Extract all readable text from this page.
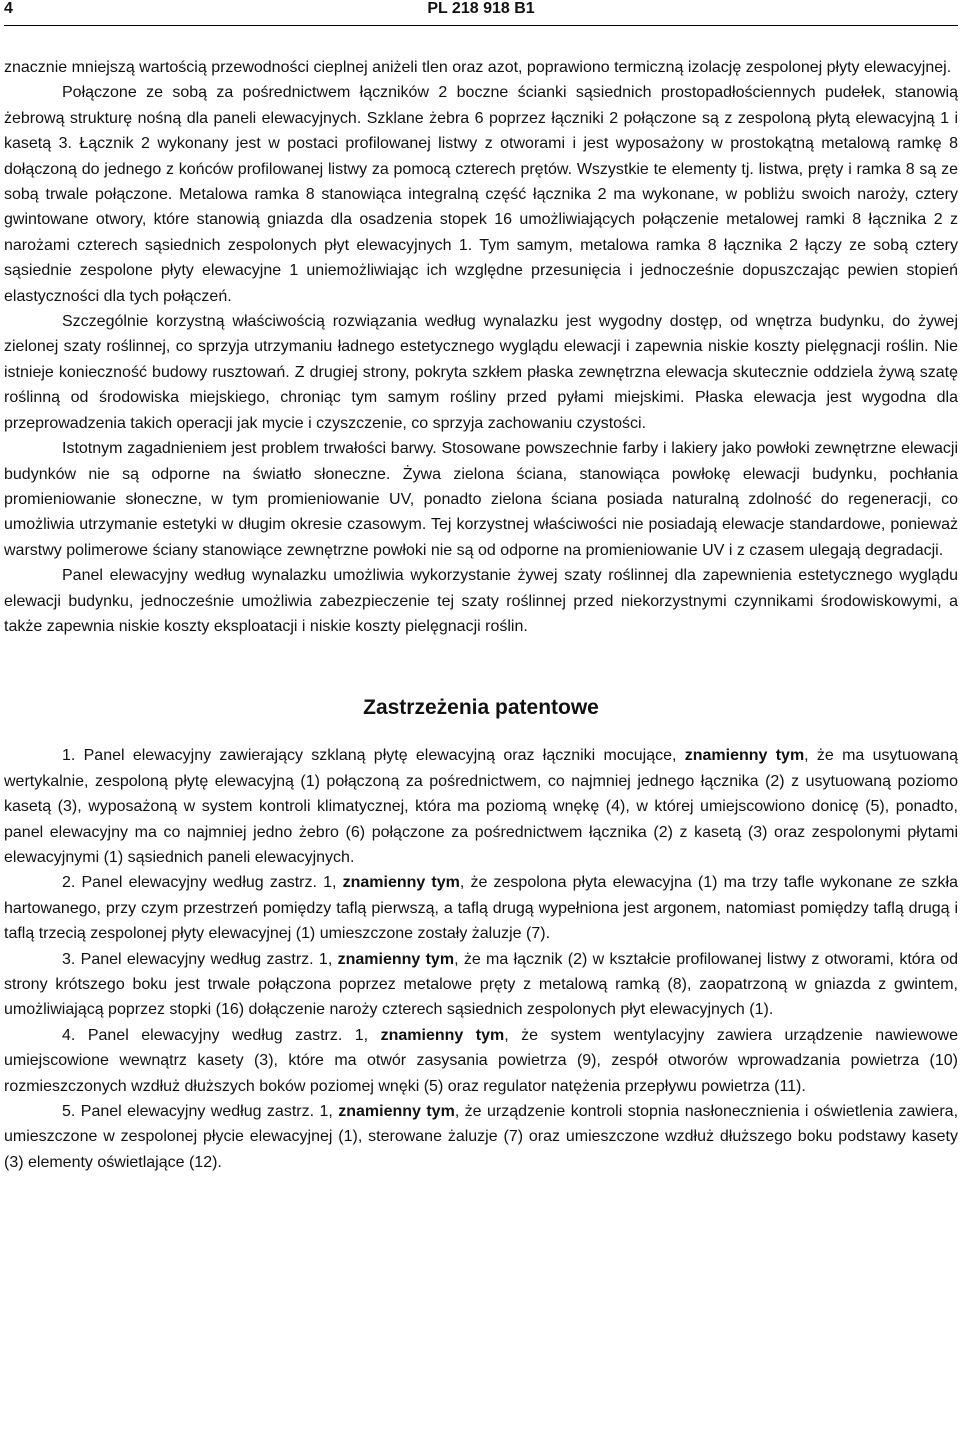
4	PL 218 918 B1

znacznie mniejszą wartością przewodności cieplnej aniżeli tlen oraz azot, poprawiono termiczną izolację zespolonej płyty elewacyjnej.

Połączone ze sobą za pośrednictwem łączników 2 boczne ścianki sąsiednich prostopadłościennych pudełek, stanowią żebrową strukturę nośną dla paneli elewacyjnych. Szklane żebra 6 poprzez łączniki 2 połączone są z zespoloną płytą elewacyjną 1 i kasetą 3. Łącznik 2 wykonany jest w postaci profilowanej listwy z otworami i jest wyposażony w prostokątną metalową ramkę 8 dołączoną do jednego z końców profilowanej listwy za pomocą czterech prętów. Wszystkie te elementy tj. listwa, pręty i ramka 8 są ze sobą trwale połączone. Metalowa ramka 8 stanowiąca integralną część łącznika 2 ma wykonane, w pobliżu swoich naroży, cztery gwintowane otwory, które stanowią gniazda dla osadzenia stopek 16 umożliwiających połączenie metalowej ramki 8 łącznika 2 z narożami czterech sąsiednich zespolonych płyt elewacyjnych 1. Tym samym, metalowa ramka 8 łącznika 2 łączy ze sobą cztery sąsiednie zespolone płyty elewacyjne 1 uniemożliwiając ich względne przesunięcia i jednocześnie dopuszczając pewien stopień elastyczności dla tych połączeń.

Szczególnie korzystną właściwością rozwiązania według wynalazku jest wygodny dostęp, od wnętrza budynku, do żywej zielonej szaty roślinnej, co sprzyja utrzymaniu ładnego estetycznego wyglądu elewacji i zapewnia niskie koszty pielęgnacji roślin. Nie istnieje konieczność budowy rusztowań. Z drugiej strony, pokryta szkłem płaska zewnętrzna elewacja skutecznie oddziela żywą szatę roślinną od środowiska miejskiego, chroniąc tym samym rośliny przed pyłami miejskimi. Płaska elewacja jest wygodna dla przeprowadzenia takich operacji jak mycie i czyszczenie, co sprzyja zachowaniu czystości.

Istotnym zagadnieniem jest problem trwałości barwy. Stosowane powszechnie farby i lakiery jako powłoki zewnętrzne elewacji budynków nie są odporne na światło słoneczne. Żywa zielona ściana, stanowiąca powłokę elewacji budynku, pochłania promieniowanie słoneczne, w tym promieniowanie UV, ponadto zielona ściana posiada naturalną zdolność do regeneracji, co umożliwia utrzymanie estetyki w długim okresie czasowym. Tej korzystnej właściwości nie posiadają elewacje standardowe, ponieważ warstwy polimerowe ściany stanowiące zewnętrzne powłoki nie są od odporne na promieniowanie UV i z czasem ulegają degradacji.

Panel elewacyjny według wynalazku umożliwia wykorzystanie żywej szaty roślinnej dla zapewnienia estetycznego wyglądu elewacji budynku, jednocześnie umożliwia zabezpieczenie tej szaty roślinnej przed niekorzystnymi czynnikami środowiskowymi, a także zapewnia niskie koszty eksploatacji i niskie koszty pielęgnacji roślin.

Zastrzeżenia patentowe

1. Panel elewacyjny zawierający szklaną płytę elewacyjną oraz łączniki mocujące, znamienny tym, że ma usytuowaną wertykalnie, zespoloną płytę elewacyjną (1) połączoną za pośrednictwem, co najmniej jednego łącznika (2) z usytuowaną poziomo kasetą (3), wyposażoną w system kontroli klimatycznej, która ma poziomą wnękę (4), w której umiejscowiono donicę (5), ponadto, panel elewacyjny ma co najmniej jedno żebro (6) połączone za pośrednictwem łącznika (2) z kasetą (3) oraz zespolonymi płytami elewacyjnymi (1) sąsiednich paneli elewacyjnych.

2. Panel elewacyjny według zastrz. 1, znamienny tym, że zespolona płyta elewacyjna (1) ma trzy tafle wykonane ze szkła hartowanego, przy czym przestrzeń pomiędzy taflą pierwszą, a taflą drugą wypełniona jest argonem, natomiast pomiędzy taflą drugą i taflą trzecią zespolonej płyty elewacyjnej (1) umieszczone zostały żaluzje (7).

3. Panel elewacyjny według zastrz. 1, znamienny tym, że ma łącznik (2) w kształcie profilowanej listwy z otworami, która od strony krótszego boku jest trwale połączona poprzez metalowe pręty z metalową ramką (8), zaopatrzoną w gniazda z gwintem, umożliwiającą poprzez stopki (16) dołączenie naroży czterech sąsiednich zespolonych płyt elewacyjnych (1).

4. Panel elewacyjny według zastrz. 1, znamienny tym, że system wentylacyjny zawiera urządzenie nawiewowe umiejscowione wewnątrz kasety (3), które ma otwór zasysania powietrza (9), zespół otworów wprowadzania powietrza (10) rozmieszczonych wzdłuż dłuższych boków poziomej wnęki (5) oraz regulator natężenia przepływu powietrza (11).

5. Panel elewacyjny według zastrz. 1, znamienny tym, że urządzenie kontroli stopnia nasłonecznienia i oświetlenia zawiera, umieszczone w zespolonej płycie elewacyjnej (1), sterowane żaluzje (7) oraz umieszczone wzdłuż dłuższego boku podstawy kasety (3) elementy oświetlające (12).
